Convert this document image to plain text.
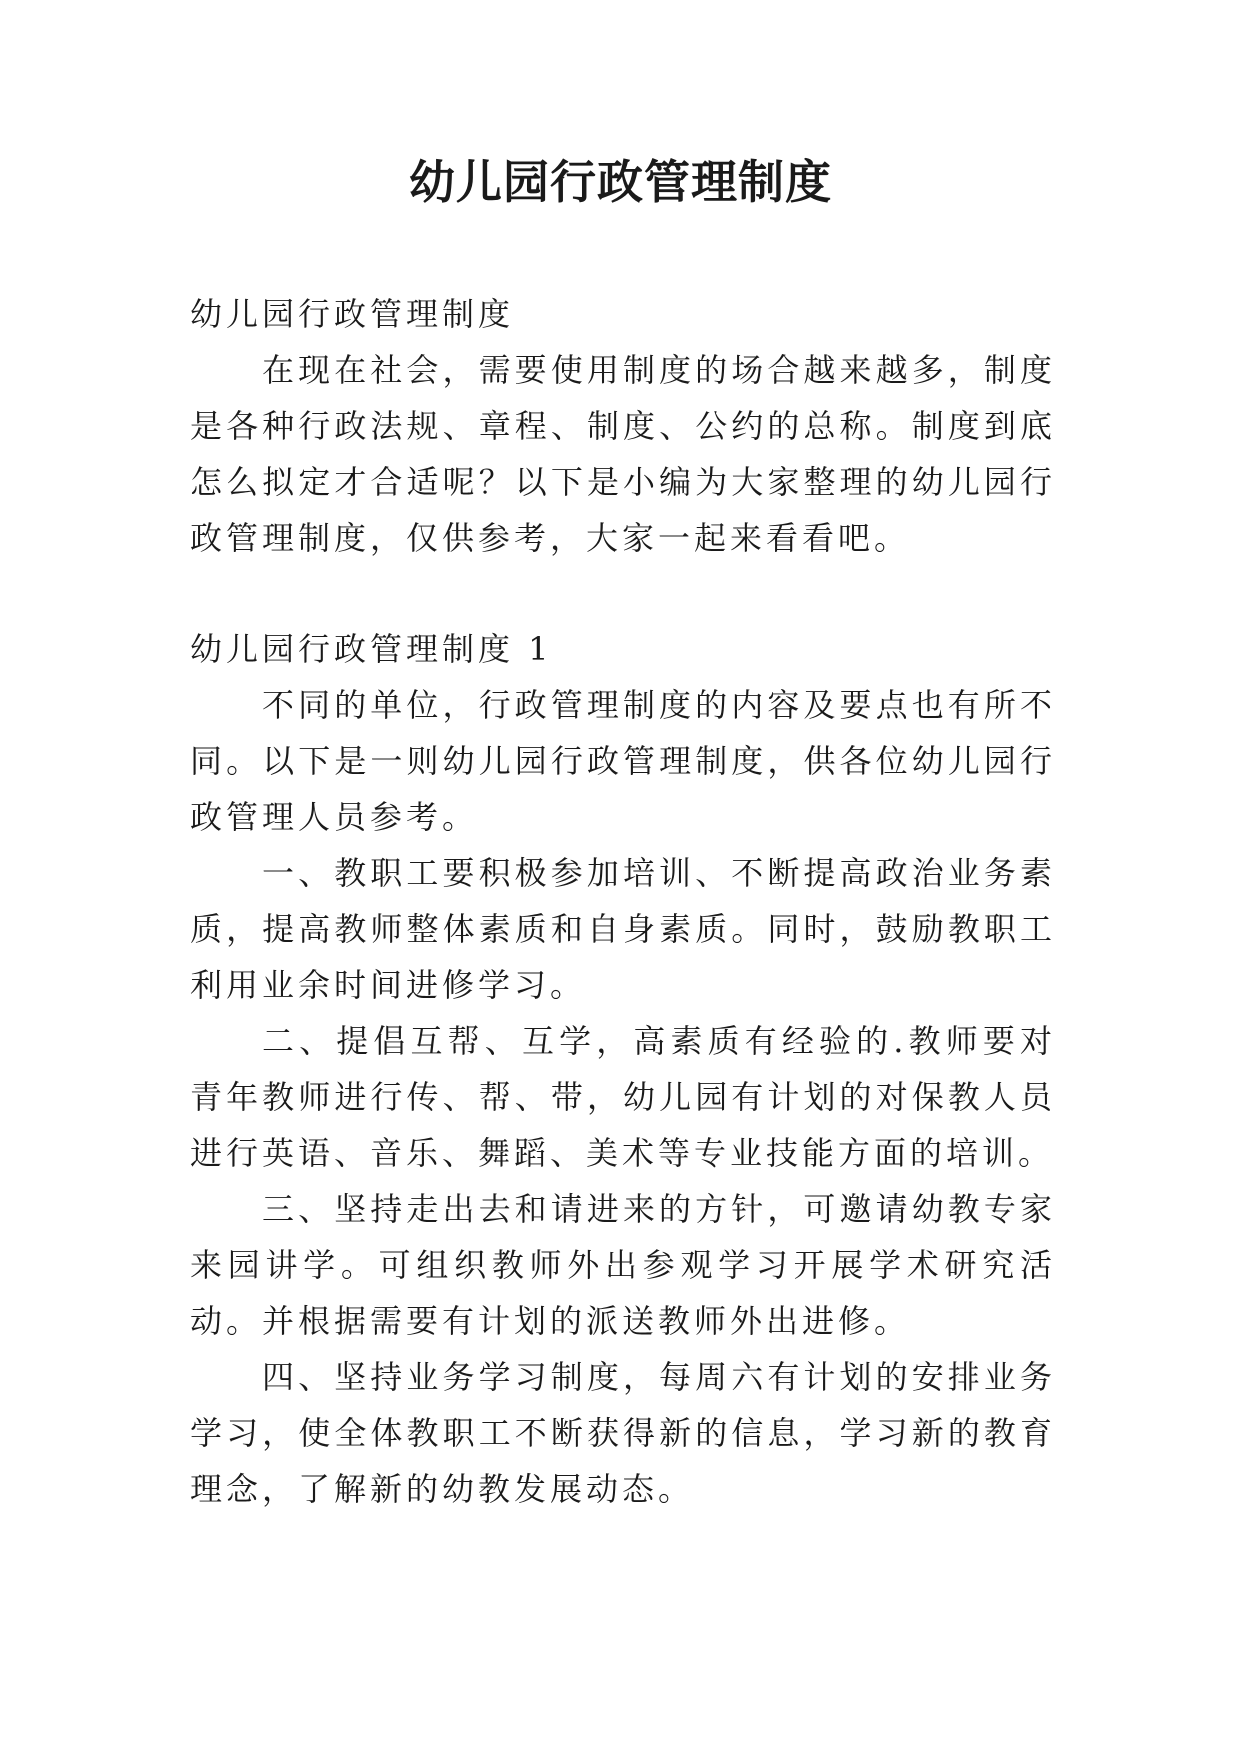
幼儿园行政管理制度

幼儿园行政管理制度

在现在社会，需要使用制度的场合越来越多，制度是各种行政法规、章程、制度、公约的总称。制度到底怎么拟定才合适呢？以下是小编为大家整理的幼儿园行政管理制度，仅供参考，大家一起来看看吧。

幼儿园行政管理制度 1

不同的单位，行政管理制度的内容及要点也有所不同。以下是一则幼儿园行政管理制度，供各位幼儿园行政管理人员参考。

一、教职工要积极参加培训、不断提高政治业务素质，提高教师整体素质和自身素质。同时，鼓励教职工利用业余时间进修学习。

二、提倡互帮、互学，高素质有经验的.教师要对青年教师进行传、帮、带，幼儿园有计划的对保教人员进行英语、音乐、舞蹈、美术等专业技能方面的培训。

三、坚持走出去和请进来的方针，可邀请幼教专家来园讲学。可组织教师外出参观学习开展学术研究活动。并根据需要有计划的派送教师外出进修。

四、坚持业务学习制度，每周六有计划的安排业务学习，使全体教职工不断获得新的信息，学习新的教育理念，了解新的幼教发展动态。
